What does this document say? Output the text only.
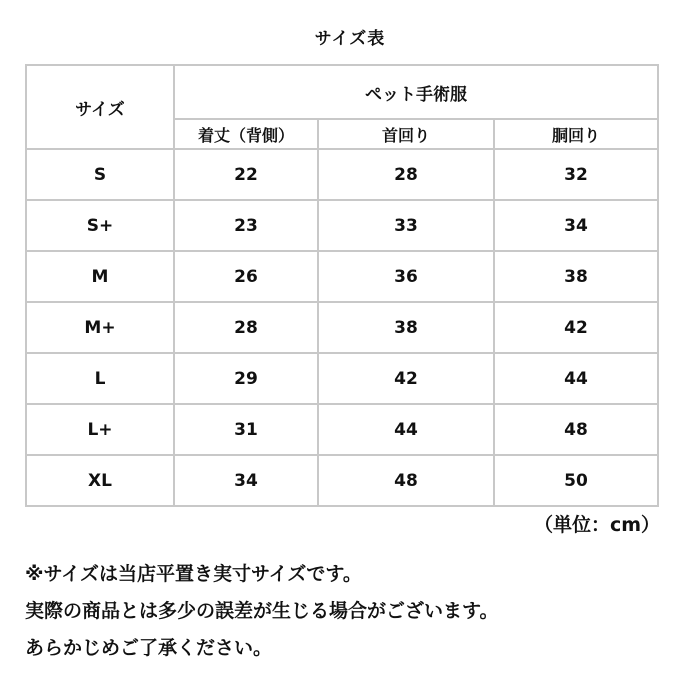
サイズ表
サイズ	ペット手術服		
	着丈（背側）	首回り	胴回り
S	22	28	32
S+	23	33	34
M	26	36	38
M+	28	38	42
L	29	42	44
L+	31	44	48
XL	34	48	50
（単位：cm）
※サイズは当店平置き実寸サイズです。
実際の商品とは多少の誤差が生じる場合がございます。
あらかじめご了承ください。
